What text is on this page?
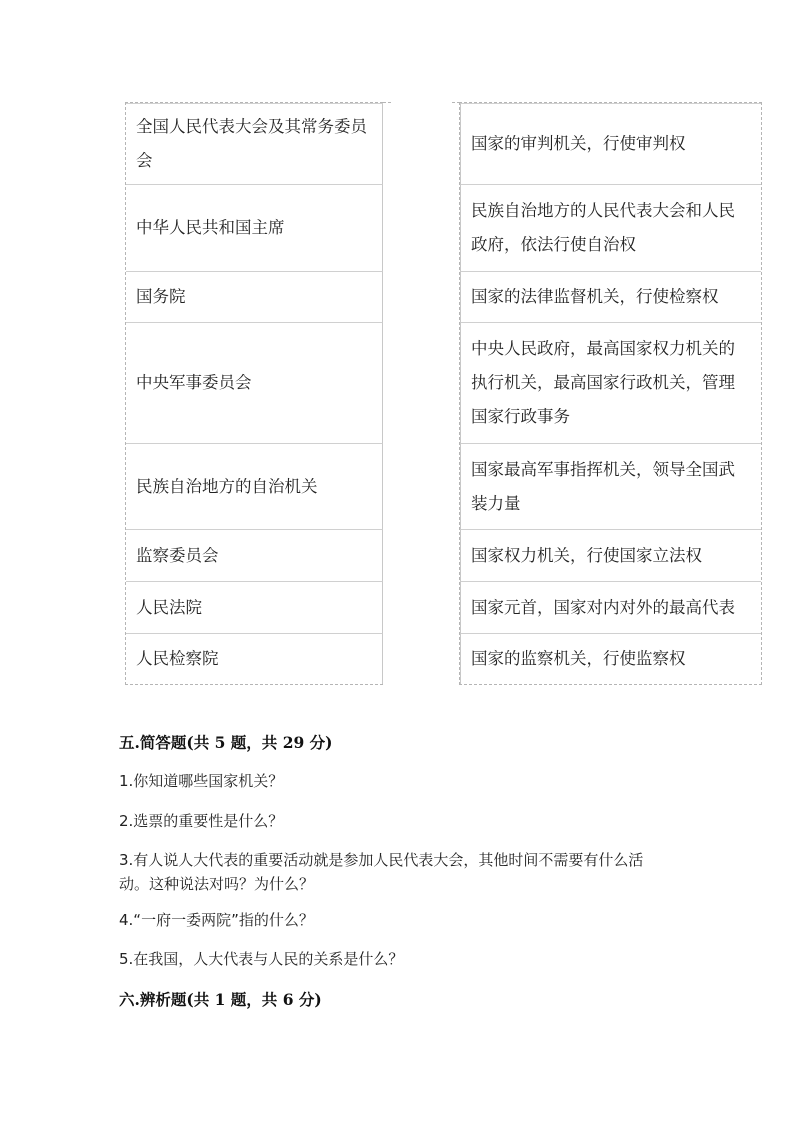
全国人民代表大会及其常务委员会
中华人民共和国主席
国务院
中央军事委员会
民族自治地方的自治机关
监察委员会
人民法院
人民检察院
国家的审判机关，行使审判权
民族自治地方的人民代表大会和人民政府，依法行使自治权
国家的法律监督机关，行使检察权
中央人民政府，最高国家权力机关的执行机关，最高国家行政机关，管理国家行政事务
国家最高军事指挥机关，领导全国武装力量
国家权力机关，行使国家立法权
国家元首，国家对内对外的最高代表
国家的监察机关，行使监察权
五.简答题(共 5 题，共 29 分)
1.你知道哪些国家机关？
2.选票的重要性是什么？
3.有人说人大代表的重要活动就是参加人民代表大会，其他时间不需要有什么活动。这种说法对吗？为什么？
4.“一府一委两院”指的什么？
5.在我国，人大代表与人民的关系是什么？
六.辨析题(共 1 题，共 6 分)
